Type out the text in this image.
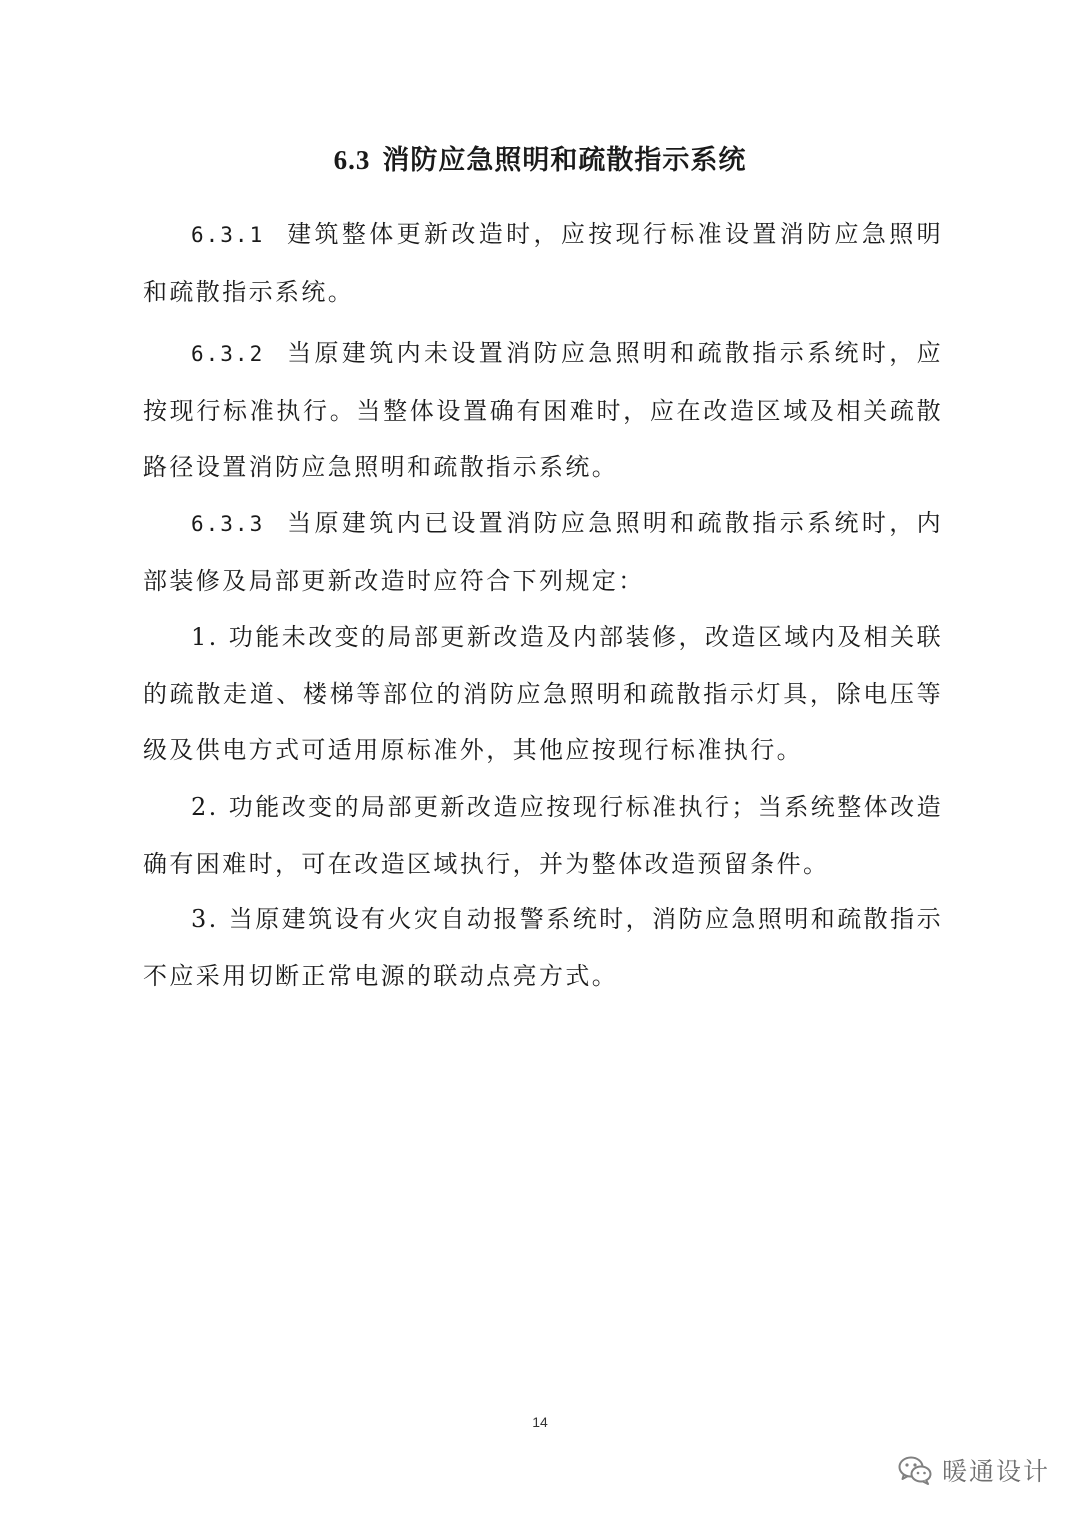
6.3 消防应急照明和疏散指示系统

6.3.1 建筑整体更新改造时，应按现行标准设置消防应急照明和疏散指示系统。

6.3.2 当原建筑内未设置消防应急照明和疏散指示系统时，应按现行标准执行。当整体设置确有困难时，应在改造区域及相关疏散路径设置消防应急照明和疏散指示系统。

6.3.3 当原建筑内已设置消防应急照明和疏散指示系统时，内部装修及局部更新改造时应符合下列规定：

1. 功能未改变的局部更新改造及内部装修，改造区域内及相关联的疏散走道、楼梯等部位的消防应急照明和疏散指示灯具，除电压等级及供电方式可适用原标准外，其他应按现行标准执行。

2. 功能改变的局部更新改造应按现行标准执行；当系统整体改造确有困难时，可在改造区域执行，并为整体改造预留条件。

3. 当原建筑设有火灾自动报警系统时，消防应急照明和疏散指示不应采用切断正常电源的联动点亮方式。

14
暖通设计
